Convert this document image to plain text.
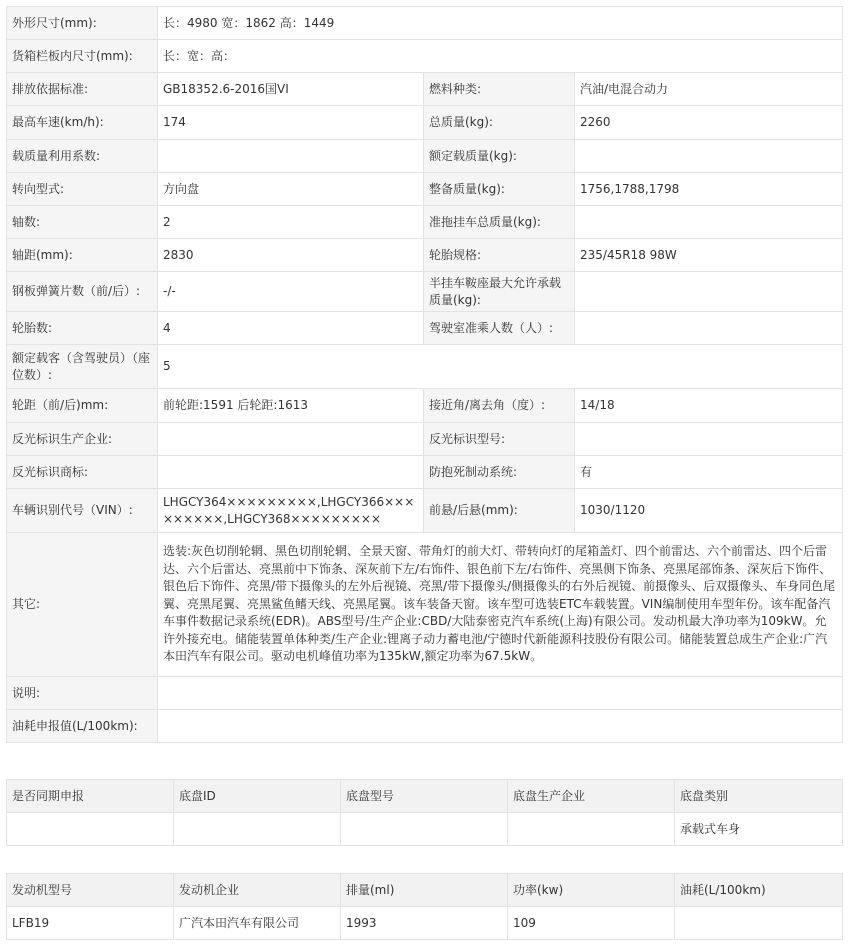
外形尺寸(mm):	长：4980 宽：1862 高：1449		
货箱栏板内尺寸(mm):	长：宽：高：		
排放依据标准:	GB18352.6-2016国VI	燃料种类:	汽油/电混合动力
最高车速(km/h):	174	总质量(kg):	2260
载质量利用系数:		额定载质量(kg):	
转向型式:	方向盘	整备质量(kg):	1756,1788,1798
轴数:	2	准拖挂车总质量(kg):	
轴距(mm):	2830	轮胎规格:	235/45R18 98W
钢板弹簧片数（前/后）:	-/-	半挂车鞍座最大允许承载质量(kg):	
轮胎数:	4	驾驶室准乘人数（人）:	
额定载客（含驾驶员）（座位数）:	5		
轮距（前/后)mm:	前轮距:1591 后轮距:1613	接近角/离去角（度）:	14/18
反光标识生产企业:		反光标识型号:	
反光标识商标:		防抱死制动系统:	有
车辆识别代号（VIN）:	LHGCY364×××××××××,LHGCY366×××××××××,LHGCY368×××××××××	前悬/后悬(mm):	1030/1120
其它:	选装:灰色切削轮辋、黑色切削轮辋、全景天窗、带角灯的前大灯、带转向灯的尾箱盖灯、四个前雷达、六个前雷达、四个后雷达、六个后雷达、亮黑前中下饰条、深灰前下左/右饰件、银色前下左/右饰件、亮黑侧下饰条、亮黑尾部饰条、深灰后下饰件、银色后下饰件、亮黑/带下摄像头的左外后视镜、亮黑/带下摄像头/侧摄像头的右外后视镜、前摄像头、后双摄像头、车身同色尾翼、亮黑尾翼、亮黑鲨鱼鳍天线、亮黑尾翼。该车装备天窗。该车型可选装ETC车载装置。VIN编制使用车型年份。该车配备汽车事件数据记录系统(EDR)。ABS型号/生产企业:CBD/大陆泰密克汽车系统(上海)有限公司。发动机最大净功率为109kW。允许外接充电。储能装置单体种类/生产企业:锂离子动力蓄电池/宁德时代新能源科技股份有限公司。储能装置总成生产企业:广汽本田汽车有限公司。驱动电机峰值功率为135kW,额定功率为67.5kW。		
说明:			
油耗申报值(L/100km):			
是否同期申报	底盘ID	底盘型号	底盘生产企业	底盘类别
				承载式车身
发动机型号	发动机企业	排量(ml)	功率(kw)	油耗(L/100km)
LFB19	广汽本田汽车有限公司	1993	109	
